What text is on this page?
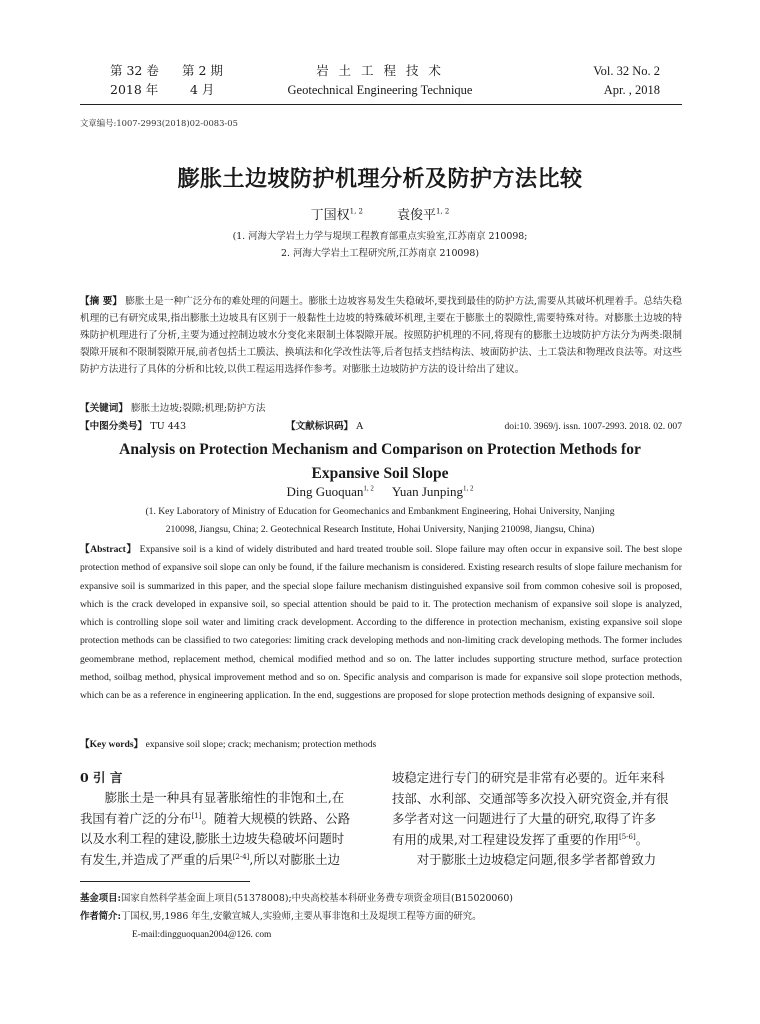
第 32 卷 第 2 期
2018 年	4 月
岩 土 工 程 技 术
Geotechnical Engineering Technique
Vol. 32 No. 2
Apr. , 2018
文章编号:1007-2993(2018)02-0083-05
膨胀土边坡防护机理分析及防护方法比较
丁国权$^{1, 2}$	袁俊平$^{1, 2}$
(1. 河海大学岩土力学与堤坝工程教育部重点实验室,江苏南京 210098;
2. 河海大学岩土工程研究所,江苏南京 210098)
【摘 要】 膨胀土是一种广泛分布的难处理的问题土。膨胀土边坡容易发生失稳破坏,要找到最佳的防护方法,需要从其破坏机理着手。总结失稳机理的已有研究成果,指出膨胀土边坡具有区别于一般黏性土边坡的特殊破坏机理,主要在于膨胀土的裂隙性,需要特殊对待。对膨胀土边坡的特殊防护机理进行了分析,主要为通过控制边坡水分变化来限制土体裂隙开展。按照防护机理的不同,将现有的膨胀土边坡防护方法分为两类:限制裂隙开展和不限制裂隙开展,前者包括土工膜法、换填法和化学改性法等,后者包括支挡结构法、坡面防护法、土工袋法和物理改良法等。对这些防护方法进行了具体的分析和比较,以供工程运用选择作参考。对膨胀土边坡防护方法的设计给出了建议。
【关键词】 膨胀土边坡;裂隙;机理;防护方法
【中图分类号】 TU 443	【文献标识码】 A	doi:10. 3969/j. issn. 1007-2993. 2018. 02. 007
Analysis on Protection Mechanism and Comparison on Protection Methods for
Expansive Soil Slope
Ding Guoquan$^{1, 2}$ Yuan Junping$^{1, 2}$
(1. Key Laboratory of Ministry of Education for Geomechanics and Embankment Engineering, Hohai University, Nanjing
210098, Jiangsu, China; 2. Geotechnical Research Institute, Hohai University, Nanjing 210098, Jiangsu, China)
【Abstract】 Expansive soil is a kind of widely distributed and hard treated trouble soil. Slope failure may often occur in expansive soil. The best slope protection method of expansive soil slope can only be found, if the failure mechanism is considered. Existing research results of slope failure mechanism for expansive soil is summarized in this paper, and the special slope failure mechanism distinguished expansive soil from common cohesive soil is proposed, which is the crack developed in expansive soil, so special attention should be paid to it. The protection mechanism of expansive soil slope is analyzed, which is controlling slope soil water and limiting crack development. According to the difference in protection mechanism, existing expansive soil slope protection methods can be classified to two categories: limiting crack developing methods and non-limiting crack developing methods. The former includes geomembrane method, replacement method, chemical modified method and so on. The latter includes supporting structure method, surface protection method, soilbag method, physical improvement method and so on. Specific analysis and comparison is made for expansive soil slope protection methods, which can be as a reference in engineering application. In the end, suggestions are proposed for slope protection methods designing of expansive soil.
【Key words】 expansive soil slope; crack; mechanism; protection methods
0 引 言
膨胀土是一种具有显著胀缩性的非饱和土,在
我国有着广泛的分布[1]。随着大规模的铁路、公路
以及水利工程的建设,膨胀土边坡失稳破坏问题时
有发生,并造成了严重的后果[2-4],所以对膨胀土边
坡稳定进行专门的研究是非常有必要的。近年来科
技部、水利部、交通部等多次投入研究资金,并有很
多学者对这一问题进行了大量的研究,取得了许多
有用的成果,对工程建设发挥了重要的作用[5-6]。
对于膨胀土边坡稳定问题,很多学者都曾致力
基金项目:国家自然科学基金面上项目(51378008);中央高校基本科研业务费专项资金项目(B15020060)
作者简介:丁国权,男,1986 年生,安徽宣城人,实验师,主要从事非饱和土及堤坝工程等方面的研究。
E-mail:dingguoquan2004@126. com
